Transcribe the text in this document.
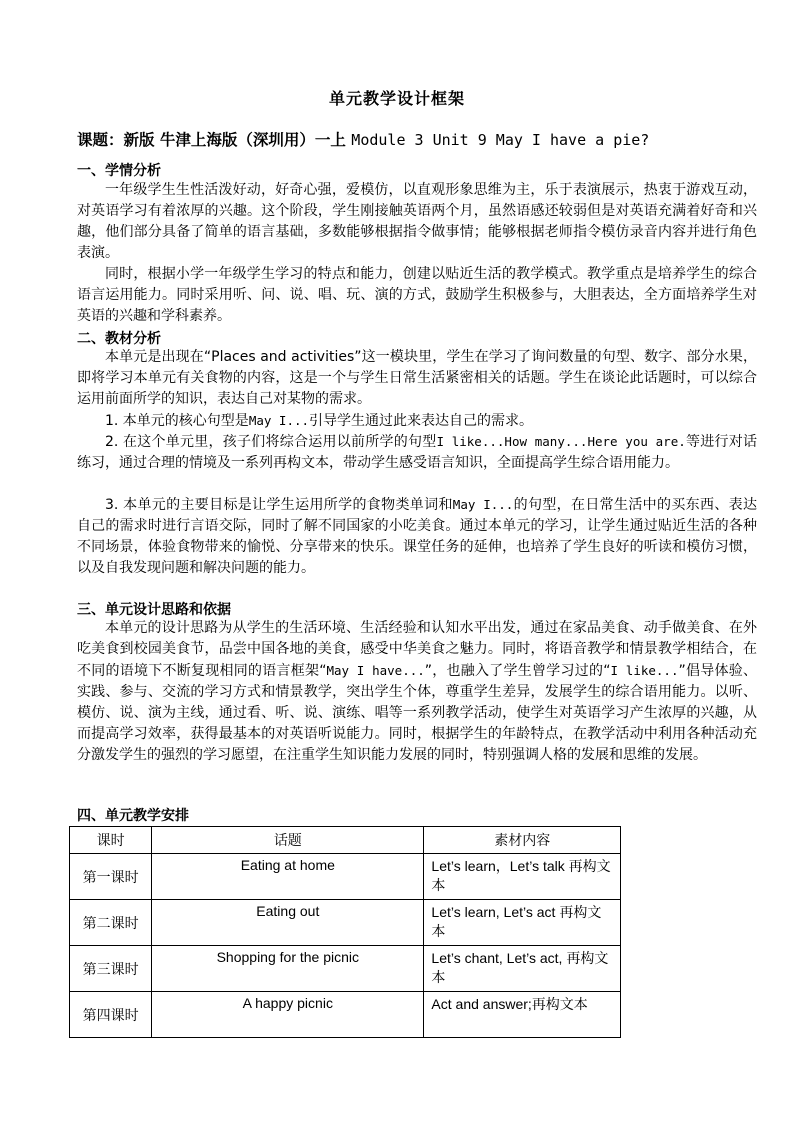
单元教学设计框架
课题：新版 牛津上海版（深圳用）一上 Module 3 Unit 9 May I have a pie?
一、学情分析
一年级学生生性活泼好动，好奇心强，爱模仿，以直观形象思维为主，乐于表演展示，热衷于游戏互动，对英语学习有着浓厚的兴趣。这个阶段，学生刚接触英语两个月，虽然语感还较弱但是对英语充满着好奇和兴趣，他们部分具备了简单的语言基础，多数能够根据指令做事情；能够根据老师指令模仿录音内容并进行角色表演。
同时，根据小学一年级学生学习的特点和能力，创建以贴近生活的教学模式。教学重点是培养学生的综合语言运用能力。同时采用听、问、说、唱、玩、演的方式，鼓励学生积极参与，大胆表达，全方面培养学生对英语的兴趣和学科素养。
二、教材分析
本单元是出现在“Places and activities”这一模块里，学生在学习了询问数量的句型、数字、部分水果，即将学习本单元有关食物的内容，这是一个与学生日常生活紧密相关的话题。学生在谈论此话题时，可以综合运用前面所学的知识，表达自己对某物的需求。
1. 本单元的核心句型是May I...引导学生通过此来表达自己的需求。
2. 在这个单元里，孩子们将综合运用以前所学的句型I like...How many...Here you are.等进行对话练习，通过合理的情境及一系列再构文本，带动学生感受语言知识，全面提高学生综合语用能力。
3. 本单元的主要目标是让学生运用所学的食物类单词和May I...的句型，在日常生活中的买东西、表达自己的需求时进行言语交际，同时了解不同国家的小吃美食。通过本单元的学习，让学生通过贴近生活的各种不同场景，体验食物带来的愉悦、分享带来的快乐。课堂任务的延伸，也培养了学生良好的听读和模仿习惯，以及自我发现问题和解决问题的能力。
三、单元设计思路和依据
本单元的设计思路为从学生的生活环境、生活经验和认知水平出发，通过在家品美食、动手做美食、在外吃美食到校园美食节，品尝中国各地的美食，感受中华美食之魅力。同时，将语音教学和情景教学相结合，在不同的语境下不断复现相同的语言框架“May I have...”，也融入了学生曾学习过的“I like...”倡导体验、实践、参与、交流的学习方式和情景教学，突出学生个体，尊重学生差异，发展学生的综合语用能力。以听、模仿、说、演为主线，通过看、听、说、演练、唱等一系列教学活动，使学生对英语学习产生浓厚的兴趣，从而提高学习效率，获得最基本的对英语听说能力。同时，根据学生的年龄特点，在教学活动中利用各种活动充分激发学生的强烈的学习愿望，在注重学生知识能力发展的同时，特别强调人格的发展和思维的发展。
四、单元教学安排
课时	话题	素材内容
第一课时	Eating at home	Let’s learn，Let’s talk 再构文本
第二课时	Eating out	Let’s learn, Let’s act 再构文本
第三课时	Shopping for the picnic	Let’s chant, Let’s act, 再构文本
第四课时	A happy picnic	Act and answer;再构文本
